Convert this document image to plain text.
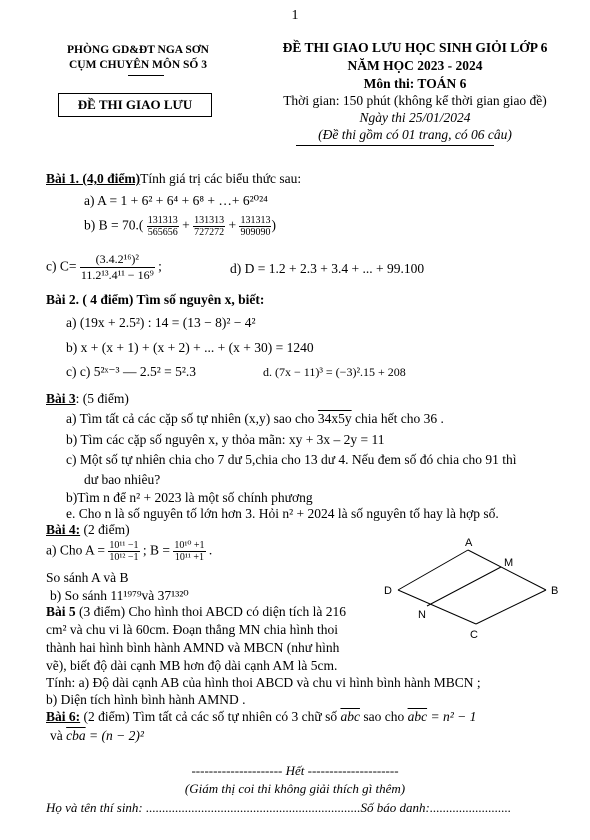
1
PHÒNG GD&ĐT NGA SƠN
CỤM CHUYÊN MÔN SỐ 3
ĐỀ THI GIAO LƯU
ĐỀ THI GIAO LƯU HỌC SINH GIỎI LỚP 6
NĂM HỌC 2023 - 2024
Môn thi: TOÁN 6
Thời gian: 150 phút (không kể thời gian giao đề)
Ngày thi 25/01/2024
(Đề thi gồm có 01 trang, có 06 câu)
Bài 1. (4,0 điểm)Tính giá trị các biểu thức sau:
a) A = 1 + 6² + 6⁴ + 6⁸ + …+ 6²⁰²⁴
b) $B = 70.( \frac{131313}{565656} + \frac{131313}{727272} + \frac{131313}{909090}$ )
c) $C= \frac{\text{(3.4.2¹⁶)²}}{\text{11.2¹³.4¹¹ − 16⁹}}$ ;	d) D = 1.2 + 2.3 + 3.4 + ... + 99.100
Bài 2. ( 4 điểm) Tìm số nguyên x, biết:
a) (19x + 2.5²) : 14 = (13 − 8)² − 4²
b) x + (x + 1) + (x + 2) + ... + (x + 30) = 1240
c) c) 5²ˣ⁻³ — 2.5² = 5².3	d. (7x − 11)³ = (−3)².15 + 208
Bài 3: (5 điểm)
a) Tìm tất cả các cặp số tự nhiên (x,y) sao cho 34x5y chia hết cho 36 .
b) Tìm các cặp số nguyên x, y thỏa mãn: xy + 3x – 2y = 11
c) Một số tự nhiên chia cho 7 dư 5,chia cho 13 dư 4. Nếu đem số đó chia cho 91 thì
dư bao nhiêu?
b)Tìm n để n² + 2023 là một số chính phương
e. Cho n là số nguyên tố lớn hơn 3. Hỏi n² + 2024 là số nguyên tố hay là hợp số.
Bài 4: (2 điểm)
a) Cho $A = \frac{\text{10¹¹ −1}}{\text{10¹² −1}}$ ; $B = \frac{\text{10¹⁰ +1}}{\text{10¹¹ +1}}$ .
So sánh A và B
b) So sánh 11¹⁹⁷⁹và 37¹³²⁰
Bài 5 (3 điểm) Cho hình thoi ABCD có diện tích là 216
cm² và chu vi là 60cm. Đoạn thẳng MN chia hình thoi
thành hai hình bình hành AMND và MBCN (như hình
vẽ), biết độ dài cạnh MB hơn độ dài cạnh AM là 5cm.
Tính: a) Độ dài cạnh AB của hình thoi ABCD và chu vi hình bình hành MBCN ;
b) Diện tích hình bình hành AMND .
A
B
C
D
M
N
Bài 6: (2 điểm) Tìm tất cả các số tự nhiên có 3 chữ số $\overline{abc}$ sao cho $\overline{abc} = n^2 - 1$
và $\overline{cba} = (n - 2)^2$
--------------------- Hết ---------------------
(Giám thị coi thi không giải thích gì thêm)
Họ và tên thí sinh: ..................................................................Số báo danh:.........................
